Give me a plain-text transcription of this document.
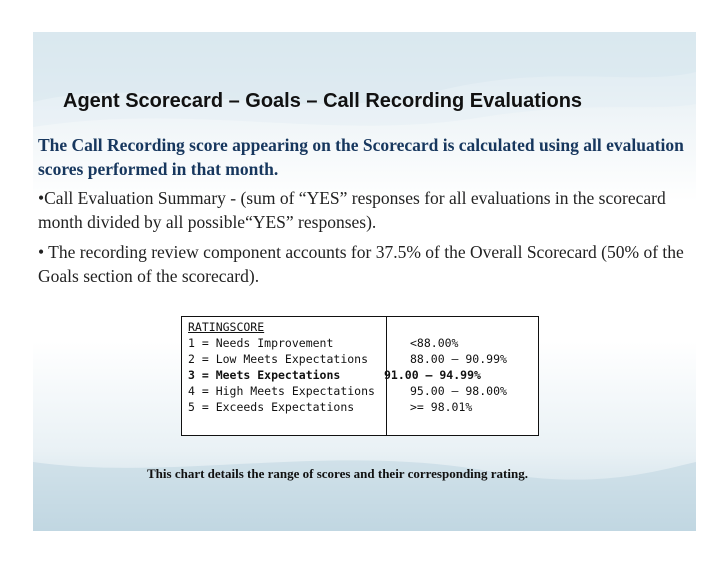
Agent Scorecard – Goals – Call Recording Evaluations

The Call Recording score appearing on the Scorecard is calculated using all evaluation scores performed in that month.

•Call Evaluation Summary - (sum of “YES” responses for all evaluations in the scorecard month divided by all possible“YES” responses).

• The recording review component accounts for 37.5% of the Overall Scorecard (50% of the Goals section of the scorecard).

RATINGSCORE
1 = Needs Improvement	<88.00%
2 = Low Meets Expectations	88.00 – 90.99%
3 = Meets Expectations	91.00 – 94.99%
4 = High Meets Expectations	95.00 – 98.00%
5 = Exceeds Expectations	>= 98.01%

This chart details the range of scores and their corresponding rating.
